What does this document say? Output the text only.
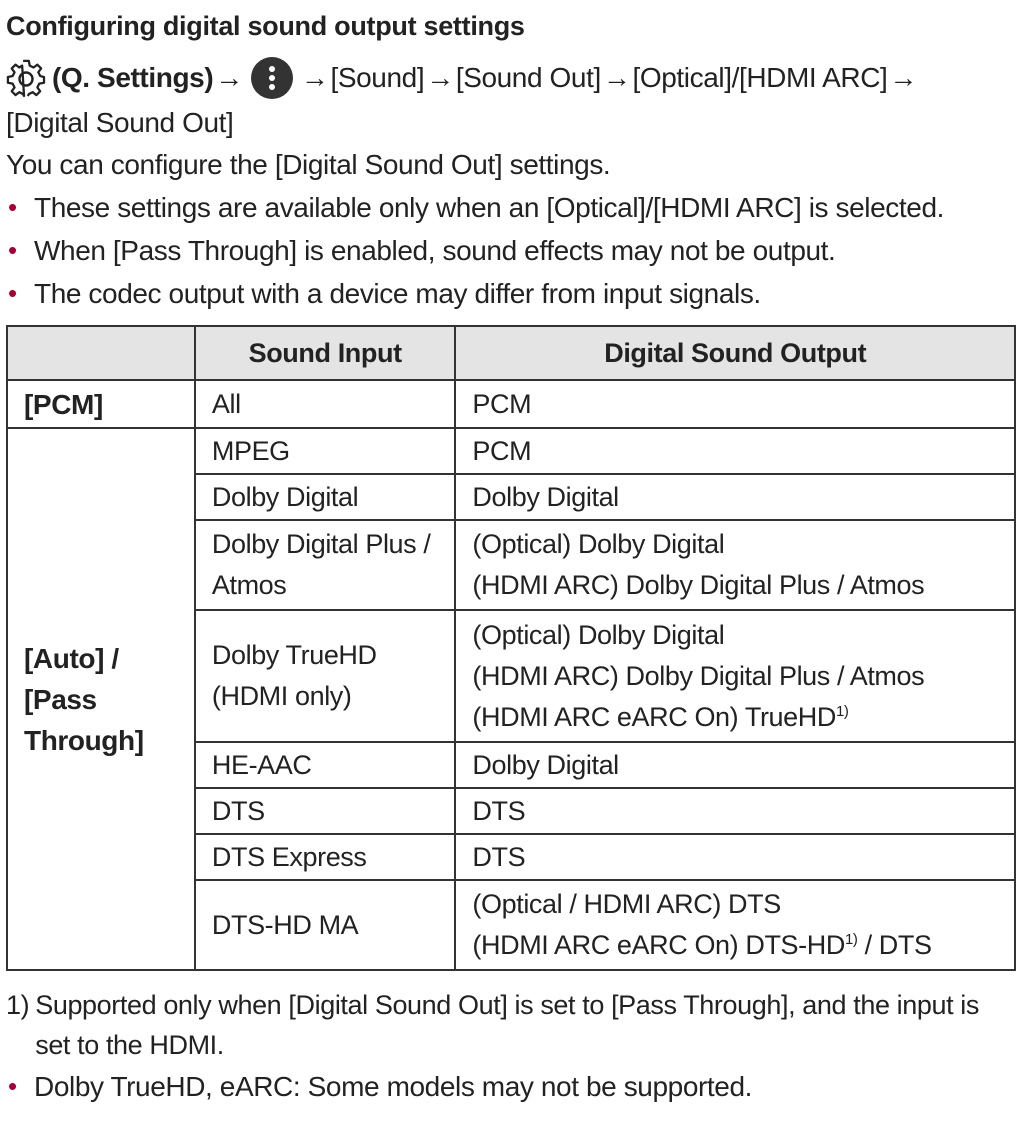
Configuring digital sound output settings
(Q. Settings) → → [Sound] → [Sound Out] → [Optical]/[HDMI ARC] →
[Digital Sound Out]
You can configure the [Digital Sound Out] settings.
• These settings are available only when an [Optical]/[HDMI ARC] is selected.
• When [Pass Through] is enabled, sound effects may not be output.
• The codec output with a device may differ from input signals.
	Sound Input	Digital Sound Output
[PCM]	All	PCM
[Auto] / [Pass Through]	MPEG	PCM
	Dolby Digital	Dolby Digital
	Dolby Digital Plus / Atmos	(Optical) Dolby Digital
(HDMI ARC) Dolby Digital Plus / Atmos

	Dolby TrueHD (HDMI only)	(Optical) Dolby Digital
(HDMI ARC) Dolby Digital Plus / Atmos
(HDMI ARC eARC On) TrueHD$^{1)}$

	HE-AAC	Dolby Digital
	DTS	DTS
	DTS Express	DTS
	DTS-HD MA	(Optical / HDMI ARC) DTS
(HDMI ARC eARC On) DTS-HD$^{1)}$ / DTS
1) Supported only when [Digital Sound Out] is set to [Pass Through], and the input is set to the HDMI.
• Dolby TrueHD, eARC: Some models may not be supported.
